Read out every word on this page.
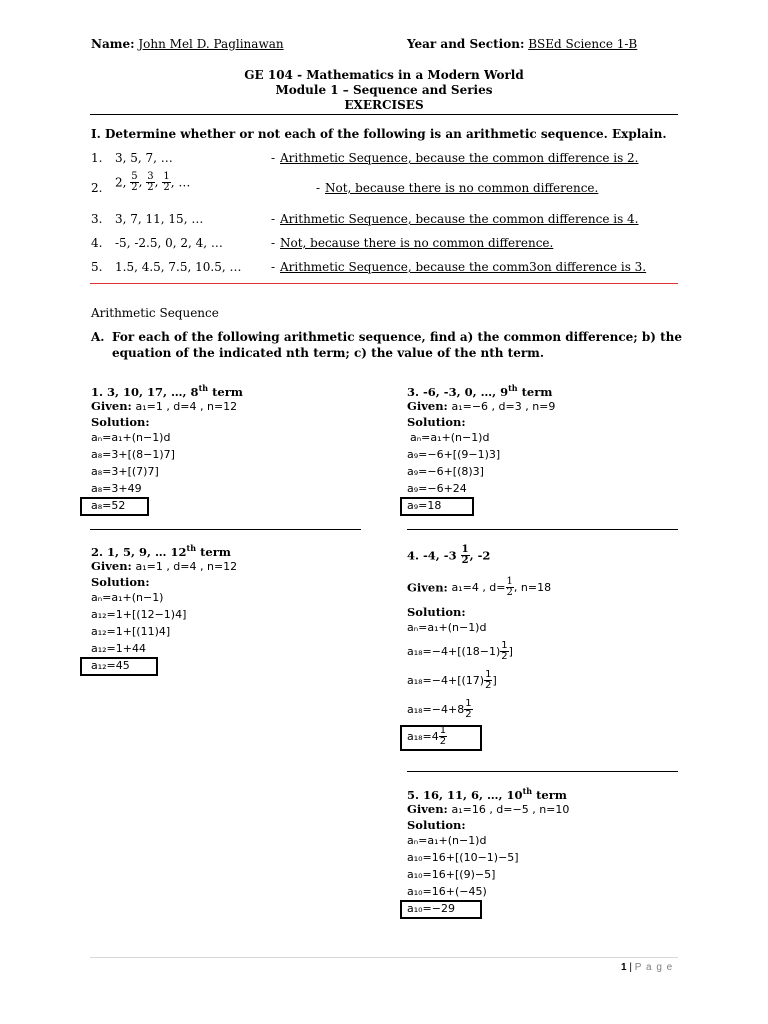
Name: John Mel D. Paglinawan	Year and Section: BSEd Science 1-B
GE 104 - Mathematics in a Modern World
Module 1 – Sequence and Series
EXERCISES
I. Determine whether or not each of the following is an arithmetic sequence. Explain.
1. 3, 5, 7, …	- Arithmetic Sequence, because the common difference is 2.
2. 2, $\frac{5}{2}$ , $\frac{3}{2}$ , $\frac{1}{2}$ , …	- Not, because there is no common difference.
3. 3, 7, 11, 15, …	- Arithmetic Sequence, because the common difference is 4.
4. -5, -2.5, 0, 2, 4, …	- Not, because there is no common difference.
5. 1.5, 4.5, 7.5, 10.5, … - Arithmetic Sequence, because the comm3on difference is 3.
Arithmetic Sequence
A. For each of the following arithmetic sequence, find a) the common difference; b) the
equation of the indicated nth term; c) the value of the nth term.
1. 3, 10, 17, …, 8th term
Given: a₁=1 , d=4 , n=12
Solution:
aₙ=a₁+(n−1)d
a₈=3+[(8−1)7]
a₈=3+[(7)7]
a₈=3+49
a₈=52
2. 1, 5, 9, … 12th term
Given: a₁=1 , d=4 , n=12
Solution:
aₙ=a₁+(n−1)
a₁₂=1+[(12−1)4]
a₁₂=1+[(11)4]
a₁₂=1+44
a₁₂=45
3. -6, -3, 0, …, 9th term
Given: a₁=−6 , d=3 , n=9
Solution:
aₙ=a₁+(n−1)d
a₉=−6+[(9−1)3]
a₉=−6+[(8)3]
a₉=−6+24
a₉=18
4. -4, $-3 \frac{1}{2}$ , -2
Given: a₁=4 , $d= \frac{1}{2}$ , n=18
Solution:
aₙ=a₁+(n−1)d
$a_{18}=-4+[(18-1) \frac{1}{2}$ ]
$a_{18}=-4+[(17) \frac{1}{2}$ ]
$a_{18}=-4+8 \frac{1}{2}$
$a_{18}=4 \frac{1}{2}$
5. 16, 11, 6, …, 10th term
Given: a₁=16 , d=−5 , n=10
Solution:
aₙ=a₁+(n−1)d
a₁₀=16+[(10−1)−5]
a₁₀=16+[(9)−5]
a₁₀=16+(−45)
a₁₀=−29
1 | P a g e
